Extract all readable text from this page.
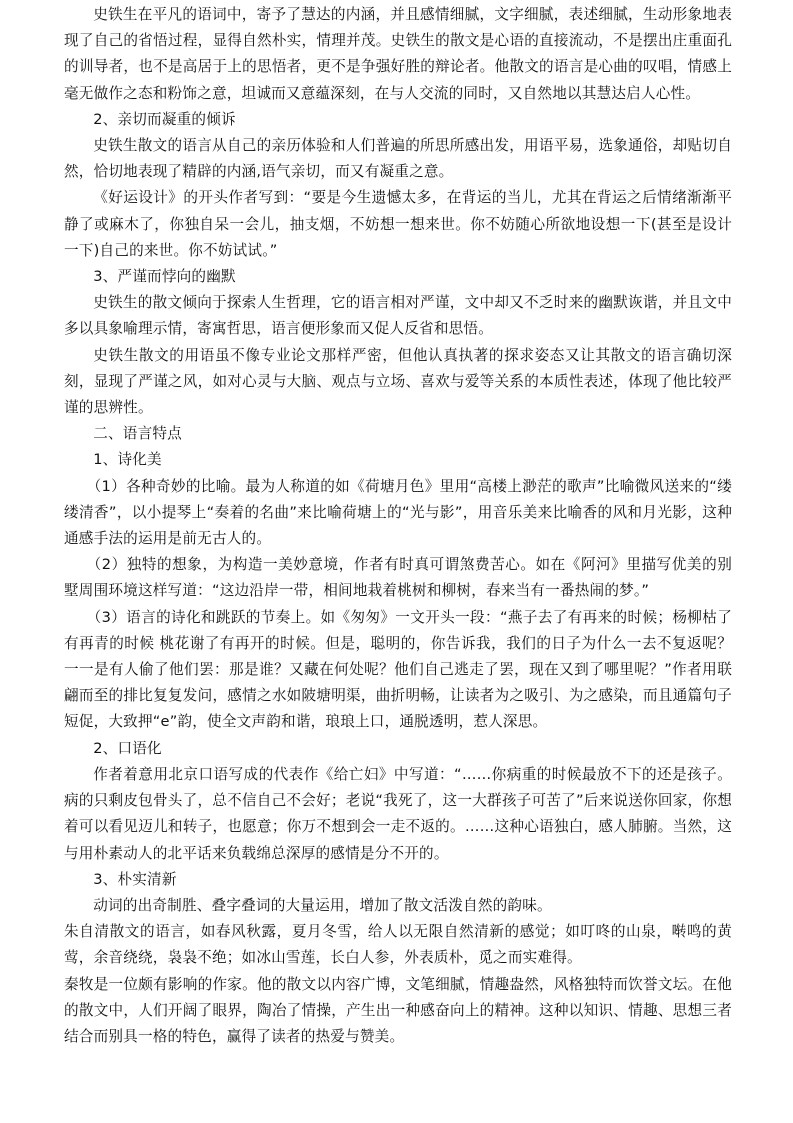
史铁生在平凡的语词中，寄予了慧达的内涵，并且感情细腻，文字细腻，表述细腻，生动形象地表现了自己的省悟过程，显得自然朴实，情理并茂。史铁生的散文是心语的直接流动，不是摆出庄重面孔的训导者，也不是高居于上的思悟者，更不是争强好胜的辩论者。他散文的语言是心曲的叹唱，情感上毫无做作之态和粉饰之意，坦诚而又意蕴深刻，在与人交流的同时，又自然地以其慧达启人心性。

2、亲切而凝重的倾诉

史铁生散文的语言从自己的亲历体验和人们普遍的所思所感出发，用语平易，选象通俗，却贴切自然，恰切地表现了精辟的内涵,语气亲切，而又有凝重之意。

《好运设计》的开头作者写到：“要是今生遗憾太多，在背运的当儿，尤其在背运之后情绪渐渐平静了或麻木了，你独自呆一会儿，抽支烟，不妨想一想来世。你不妨随心所欲地设想一下(甚至是设计一下)自己的来世。你不妨试试。”

3、严谨而悖向的幽默

史铁生的散文倾向于探索人生哲理，它的语言相对严谨，文中却又不乏时来的幽默诙谐，并且文中多以具象喻理示情，寄寓哲思，语言便形象而又促人反省和思悟。

史铁生散文的用语虽不像专业论文那样严密，但他认真执著的探求姿态又让其散文的语言确切深刻，显现了严谨之风，如对心灵与大脑、观点与立场、喜欢与爱等关系的本质性表述，体现了他比较严谨的思辨性。

二、语言特点

1、诗化美

（1）各种奇妙的比喻。最为人称道的如《荷塘月色》里用“高楼上渺茫的歌声”比喻微风送来的“缕缕清香”，以小提琴上“奏着的名曲”来比喻荷塘上的“光与影”，用音乐美来比喻香的风和月光影，这种通感手法的运用是前无古人的。

（2）独特的想象，为构造一美妙意境，作者有时真可谓煞费苦心。如在《阿河》里描写优美的别墅周围环境这样写道：“这边沿岸一带，相间地栽着桃树和柳树，春来当有一番热闹的梦。”

（3）语言的诗化和跳跃的节奏上。如《匆匆》一文开头一段：“燕子去了有再来的时候；杨柳枯了有再青的时候 桃花谢了有再开的时候。但是，聪明的，你告诉我，我们的日子为什么一去不复返呢？一一是有人偷了他们罢：那是谁？又藏在何处呢？他们自己逃走了罢，现在又到了哪里呢？”作者用联翩而至的排比复复发问，感情之水如陂塘明渠，曲折明畅，让读者为之吸引、为之感染，而且通篇句子短促，大致押“e”韵，使全文声韵和谐，琅琅上口，通脱透明，惹人深思。

2、口语化

作者着意用北京口语写成的代表作《给亡妇》中写道：“……你病重的时候最放不下的还是孩子。病的只剩皮包骨头了，总不信自己不会好；老说“我死了，这一大群孩子可苦了”后来说送你回家，你想着可以看见迈儿和转子，也愿意；你万不想到会一走不返的。……这种心语独白，感人肺腑。当然，这与用朴素动人的北平话来负载绵总深厚的感情是分不开的。

3、朴实清新

动词的出奇制胜、叠字叠词的大量运用，增加了散文活泼自然的韵味。

朱自清散文的语言，如春风秋露，夏月冬雪，给人以无限自然清新的感觉；如叮咚的山泉，啭鸣的黄莺，余音绕绕，袅袅不绝；如冰山雪莲，长白人参，外表质朴，觅之而实难得。

秦牧是一位颇有影响的作家。他的散文以内容广博，文笔细腻，情趣盎然，风格独特而饮誉文坛。在他的散文中，人们开阔了眼界，陶冶了情操，产生出一种感奋向上的精神。这种以知识、情趣、思想三者结合而别具一格的特色，赢得了读者的热爱与赞美。
